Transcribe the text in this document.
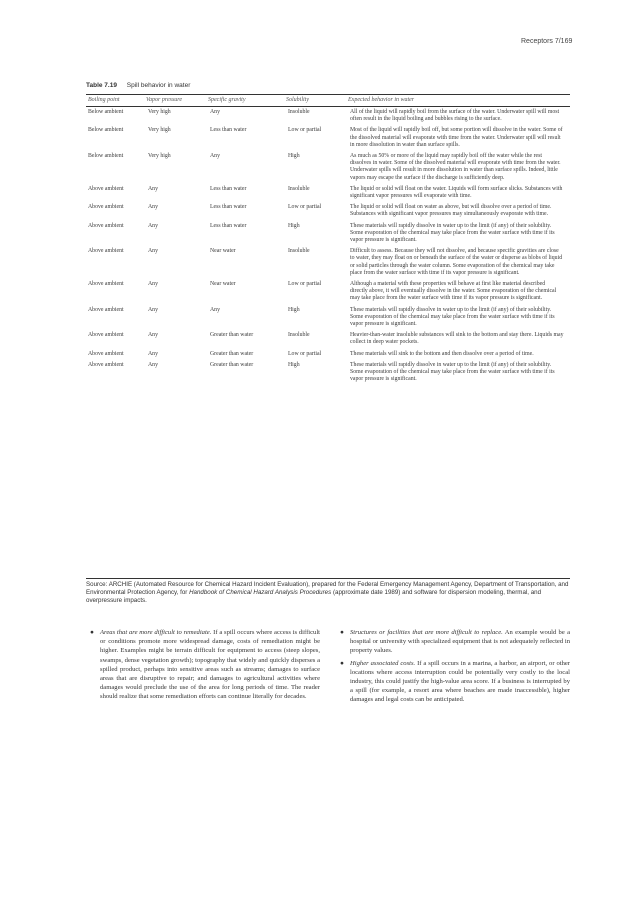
Receptors 7/169
Table 7.19 Spill behavior in water
Boiling point	Vapor pressure	Specific gravity	Solubility	Expected behavior in water
Below ambient	Very high	Any	Insoluble	All of the liquid will rapidly boil from the surface of the water. Underwater spill will most often result in the liquid boiling and bubbles rising to the surface.
Below ambient	Very high	Less than water	Low or partial	Most of the liquid will rapidly boil off, but some portion will dissolve in the water. Some of the dissolved material will evaporate with time from the water. Underwater spill will result in more dissolution in water than surface spills.
Below ambient	Very high	Any	High	As much as 50% or more of the liquid may rapidly boil off the water while the rest dissolves in water. Some of the dissolved material will evaporate with time from the water. Underwater spills will result in more dissolution in water than surface spills. Indeed, little vapors may escape the surface if the discharge is sufficiently deep.
Above ambient	Any	Less than water	Insoluble	The liquid or solid will float on the water. Liquids will form surface slicks. Substances with significant vapor pressures will evaporate with time.
Above ambient	Any	Less than water	Low or partial	The liquid or solid will float on water as above, but will dissolve over a period of time. Substances with significant vapor pressures may simultaneously evaporate with time.
Above ambient	Any	Less than water	High	These materials will rapidly dissolve in water up to the limit (if any) of their solubility. Some evaporation of the chemical may take place from the water surface with time if its vapor pressure is significant.
Above ambient	Any	Near water	Insoluble	Difficult to assess. Because they will not dissolve, and because specific gravities are close to water, they may float on or beneath the surface of the water or disperse as blobs of liquid or solid particles through the water column. Some evaporation of the chemical may take place from the water surface with time if its vapor pressure is significant.
Above ambient	Any	Near water	Low or partial	Although a material with these properties will behave at first like material described directly above, it will eventually dissolve in the water. Some evaporation of the chemical may take place from the water surface with time if its vapor pressure is significant.
Above ambient	Any	Any	High	These materials will rapidly dissolve in water up to the limit (if any) of their solubility. Some evaporation of the chemical may take place from the water surface with time if its vapor pressure is significant.
Above ambient	Any	Greater than water	Insoluble	Heavier-than-water insoluble substances will sink to the bottom and stay there. Liquids may collect in deep water pockets.
Above ambient	Any	Greater than water	Low or partial	These materials will sink to the bottom and then dissolve over a period of time.
Above ambient	Any	Greater than water	High	These materials will rapidly dissolve in water up to the limit (if any) of their solubility. Some evaporation of the chemical may take place from the water surface with time if its vapor pressure is significant.
Source: ARCHIE (Automated Resource for Chemical Hazard Incident Evaluation), prepared for the Federal Emergency Management Agency, Department of Transportation, and Environmental Protection Agency, for Handbook of Chemical Hazard Analysis Procedures (approximate date 1989) and software for dispersion modeling, thermal, and overpressure impacts.
● Areas that are more difficult to remediate. If a spill occurs where access is difficult or conditions promote more widespread damage, costs of remediation might be higher. Examples might be terrain difficult for equipment to access (steep slopes, swamps, dense vegetation growth); topography that widely and quickly disperses a spilled product, perhaps into sensitive areas such as streams; damages to surface areas that are disruptive to repair; and damages to agricultural activities where damages would preclude the use of the area for long periods of time. The reader should realize that some remediation efforts can continue literally for decades.
● Structures or facilities that are more difficult to replace. An example would be a hospital or university with specialized equipment that is not adequately reflected in property values.
● Higher associated costs. If a spill occurs in a marina, a harbor, an airport, or other locations where access interruption could be potentially very costly to the local industry, this could justify the high-value area score. If a business is interrupted by a spill (for example, a resort area where beaches are made inaccessible), higher damages and legal costs can be anticipated.
